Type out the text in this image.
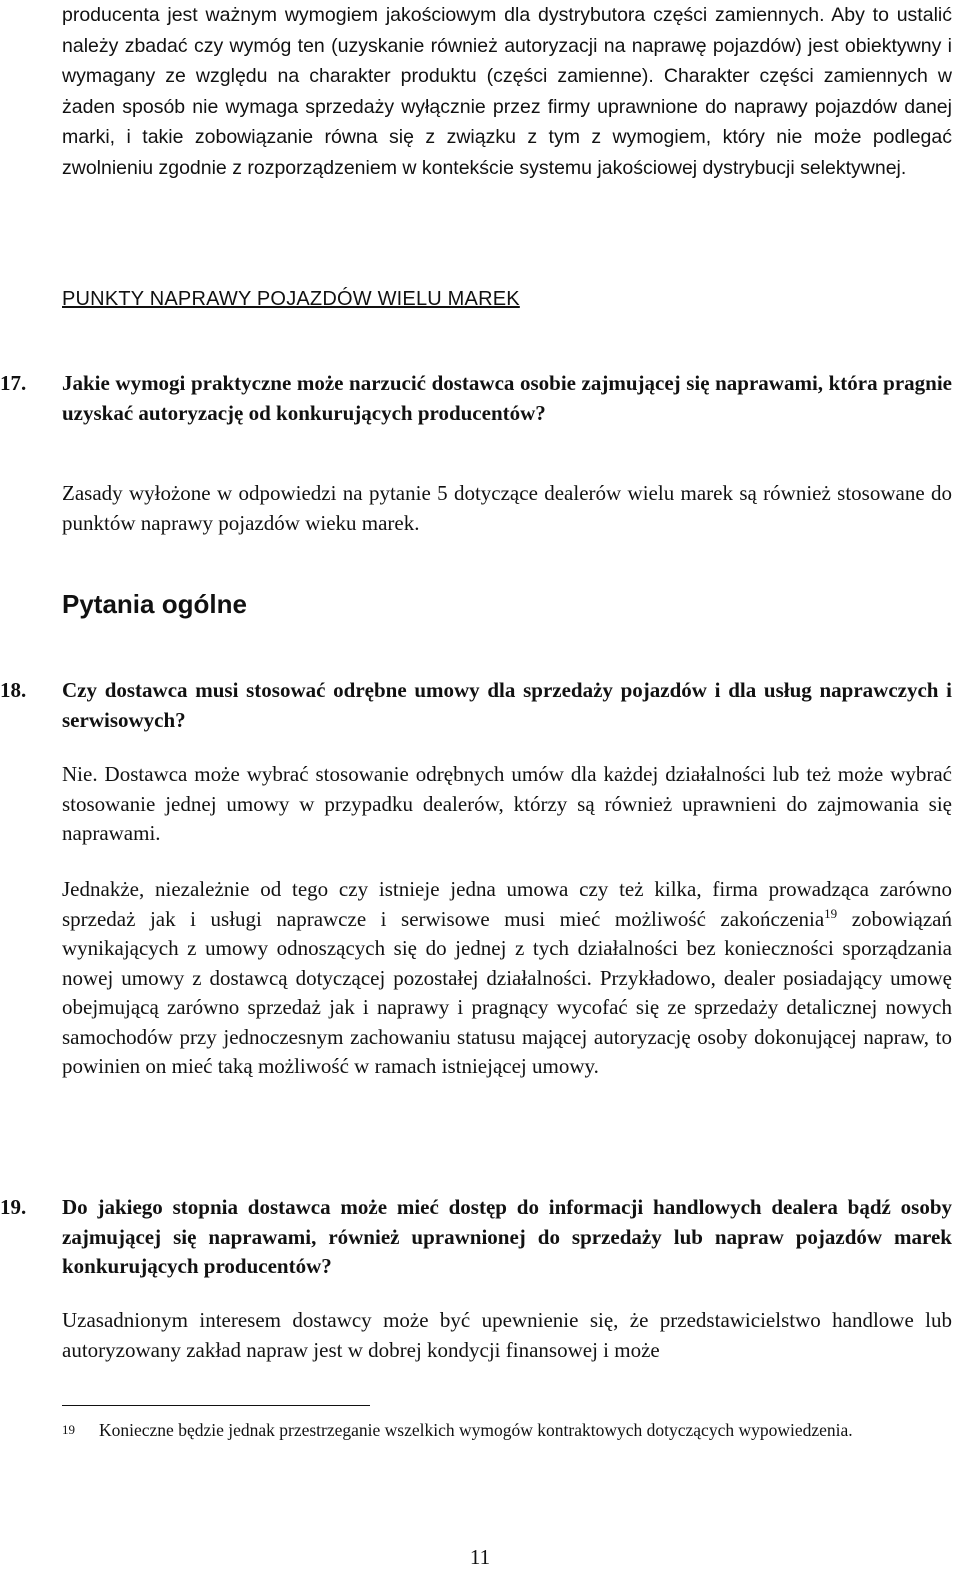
producenta jest ważnym wymogiem jakościowym dla dystrybutora części zamiennych. Aby to ustalić należy zbadać czy wymóg ten (uzyskanie również autoryzacji na naprawę pojazdów) jest obiektywny i wymagany ze względu na charakter produktu (części zamienne). Charakter części zamiennych w żaden sposób nie wymaga sprzedaży wyłącznie przez firmy uprawnione do naprawy pojazdów danej marki, i takie zobowiązanie równa się z związku z tym z wymogiem, który nie może podlegać zwolnieniu zgodnie z rozporządzeniem w kontekście systemu jakościowej dystrybucji selektywnej.

PUNKTY NAPRAWY POJAZDÓW WIELU MAREK

17.	Jakie wymogi praktyczne może narzucić dostawca osobie zajmującej się naprawami, która pragnie uzyskać autoryzację od konkurujących producentów?

Zasady wyłożone w odpowiedzi na pytanie 5 dotyczące dealerów wielu marek są również stosowane do punktów naprawy pojazdów wieku marek.

Pytania ogólne

18.	Czy dostawca musi stosować odrębne umowy dla sprzedaży pojazdów i dla usług naprawczych i serwisowych?

Nie. Dostawca może wybrać stosowanie odrębnych umów dla każdej działalności lub też może wybrać stosowanie jednej umowy w przypadku dealerów, którzy są również uprawnieni do zajmowania się naprawami.

Jednakże, niezależnie od tego czy istnieje jedna umowa czy też kilka, firma prowadząca zarówno sprzedaż jak i usługi naprawcze i serwisowe musi mieć możliwość zakończenia$^{19}$ zobowiązań wynikających z umowy odnoszących się do jednej z tych działalności bez konieczności sporządzania nowej umowy z dostawcą dotyczącej pozostałej działalności. Przykładowo, dealer posiadający umowę obejmującą zarówno sprzedaż jak i naprawy i pragnący wycofać się ze sprzedaży detalicznej nowych samochodów przy jednoczesnym zachowaniu statusu mającej autoryzację osoby dokonującej napraw, to powinien on mieć taką możliwość w ramach istniejącej umowy.

19.	Do jakiego stopnia dostawca może mieć dostęp do informacji handlowych dealera bądź osoby zajmującej się naprawami, również uprawnionej do sprzedaży lub napraw pojazdów marek konkurujących producentów?

Uzasadnionym interesem dostawcy może być upewnienie się, że przedstawicielstwo handlowe lub autoryzowany zakład napraw jest w dobrej kondycji finansowej i może

19 Konieczne będzie jednak przestrzeganie wszelkich wymogów kontraktowych dotyczących wypowiedzenia.
11
